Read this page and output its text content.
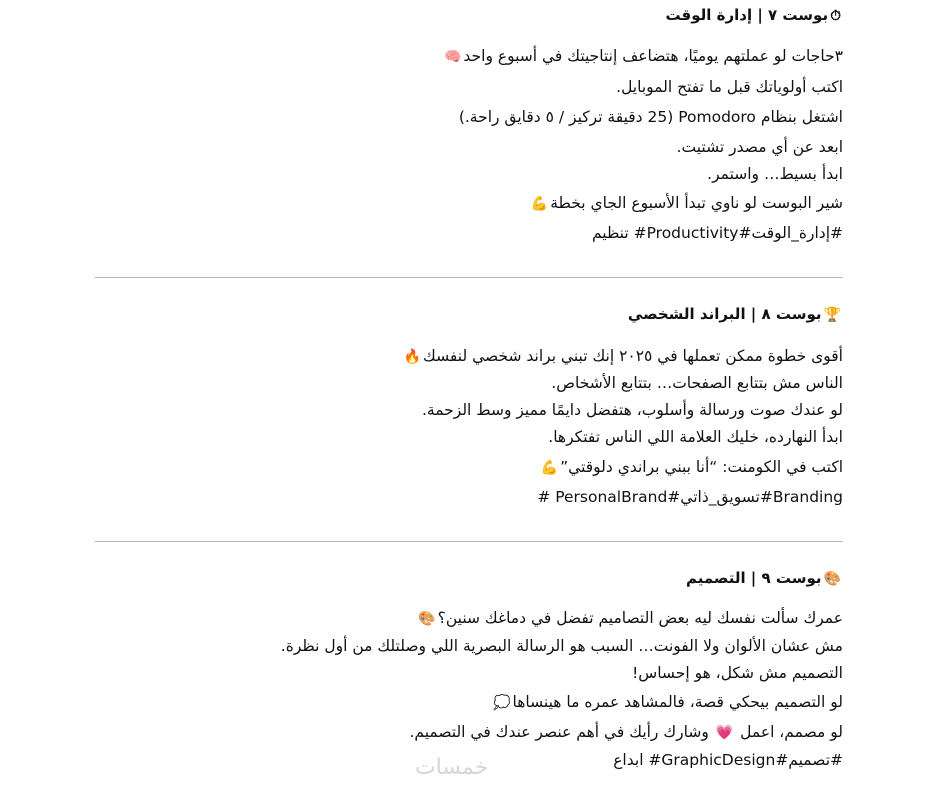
⏱بوست ٧ | إدارة الوقت
٣حاجات لو عملتهم يوميًا، هتضاعف إنتاجيتك في أسبوع واحد🧠
اكتب أولوياتك قبل ما تفتح الموبايل.
اشتغل بنظام Pomodoro (25 دقيقة تركيز / ٥ دقايق راحة.)
ابعد عن أي مصدر تشتيت.
ابدأ بسيط… واستمر.
شير البوست لو ناوي تبدأ الأسبوع الجاي بخطة💪
#إدارة_الوقت#Productivity# تنظيم
🏆بوست ٨ | البراند الشخصي
أقوى خطوة ممكن تعملها في ٢٠٢٥ إنك تبني براند شخصي لنفسك🔥
الناس مش بتتابع الصفحات… بتتابع الأشخاص.
لو عندك صوت ورسالة وأسلوب، هتفضل دايمًا مميز وسط الزحمة.
ابدأ النهارده، خليك العلامة اللي الناس تفتكرها.
اكتب في الكومنت: “أنا ببني براندي دلوقتي”💪
# PersonalBrand#تسويق_ذاتي#Branding
🎨بوست ٩ | التصميم
عمرك سألت نفسك ليه بعض التصاميم تفضل في دماغك سنين؟🎨
مش عشان الألوان ولا الفونت… السبب هو الرسالة البصرية اللي وصلتلك من أول نظرة.
التصميم مش شكل، هو إحساس!
لو التصميم بيحكي قصة، فالمشاهد عمره ما هينساها💭
لو مصمم، اعمل 💗 وشارك رأيك في أهم عنصر عندك في التصميم.
#تصميم#GraphicDesign# ابداع
خمسات
